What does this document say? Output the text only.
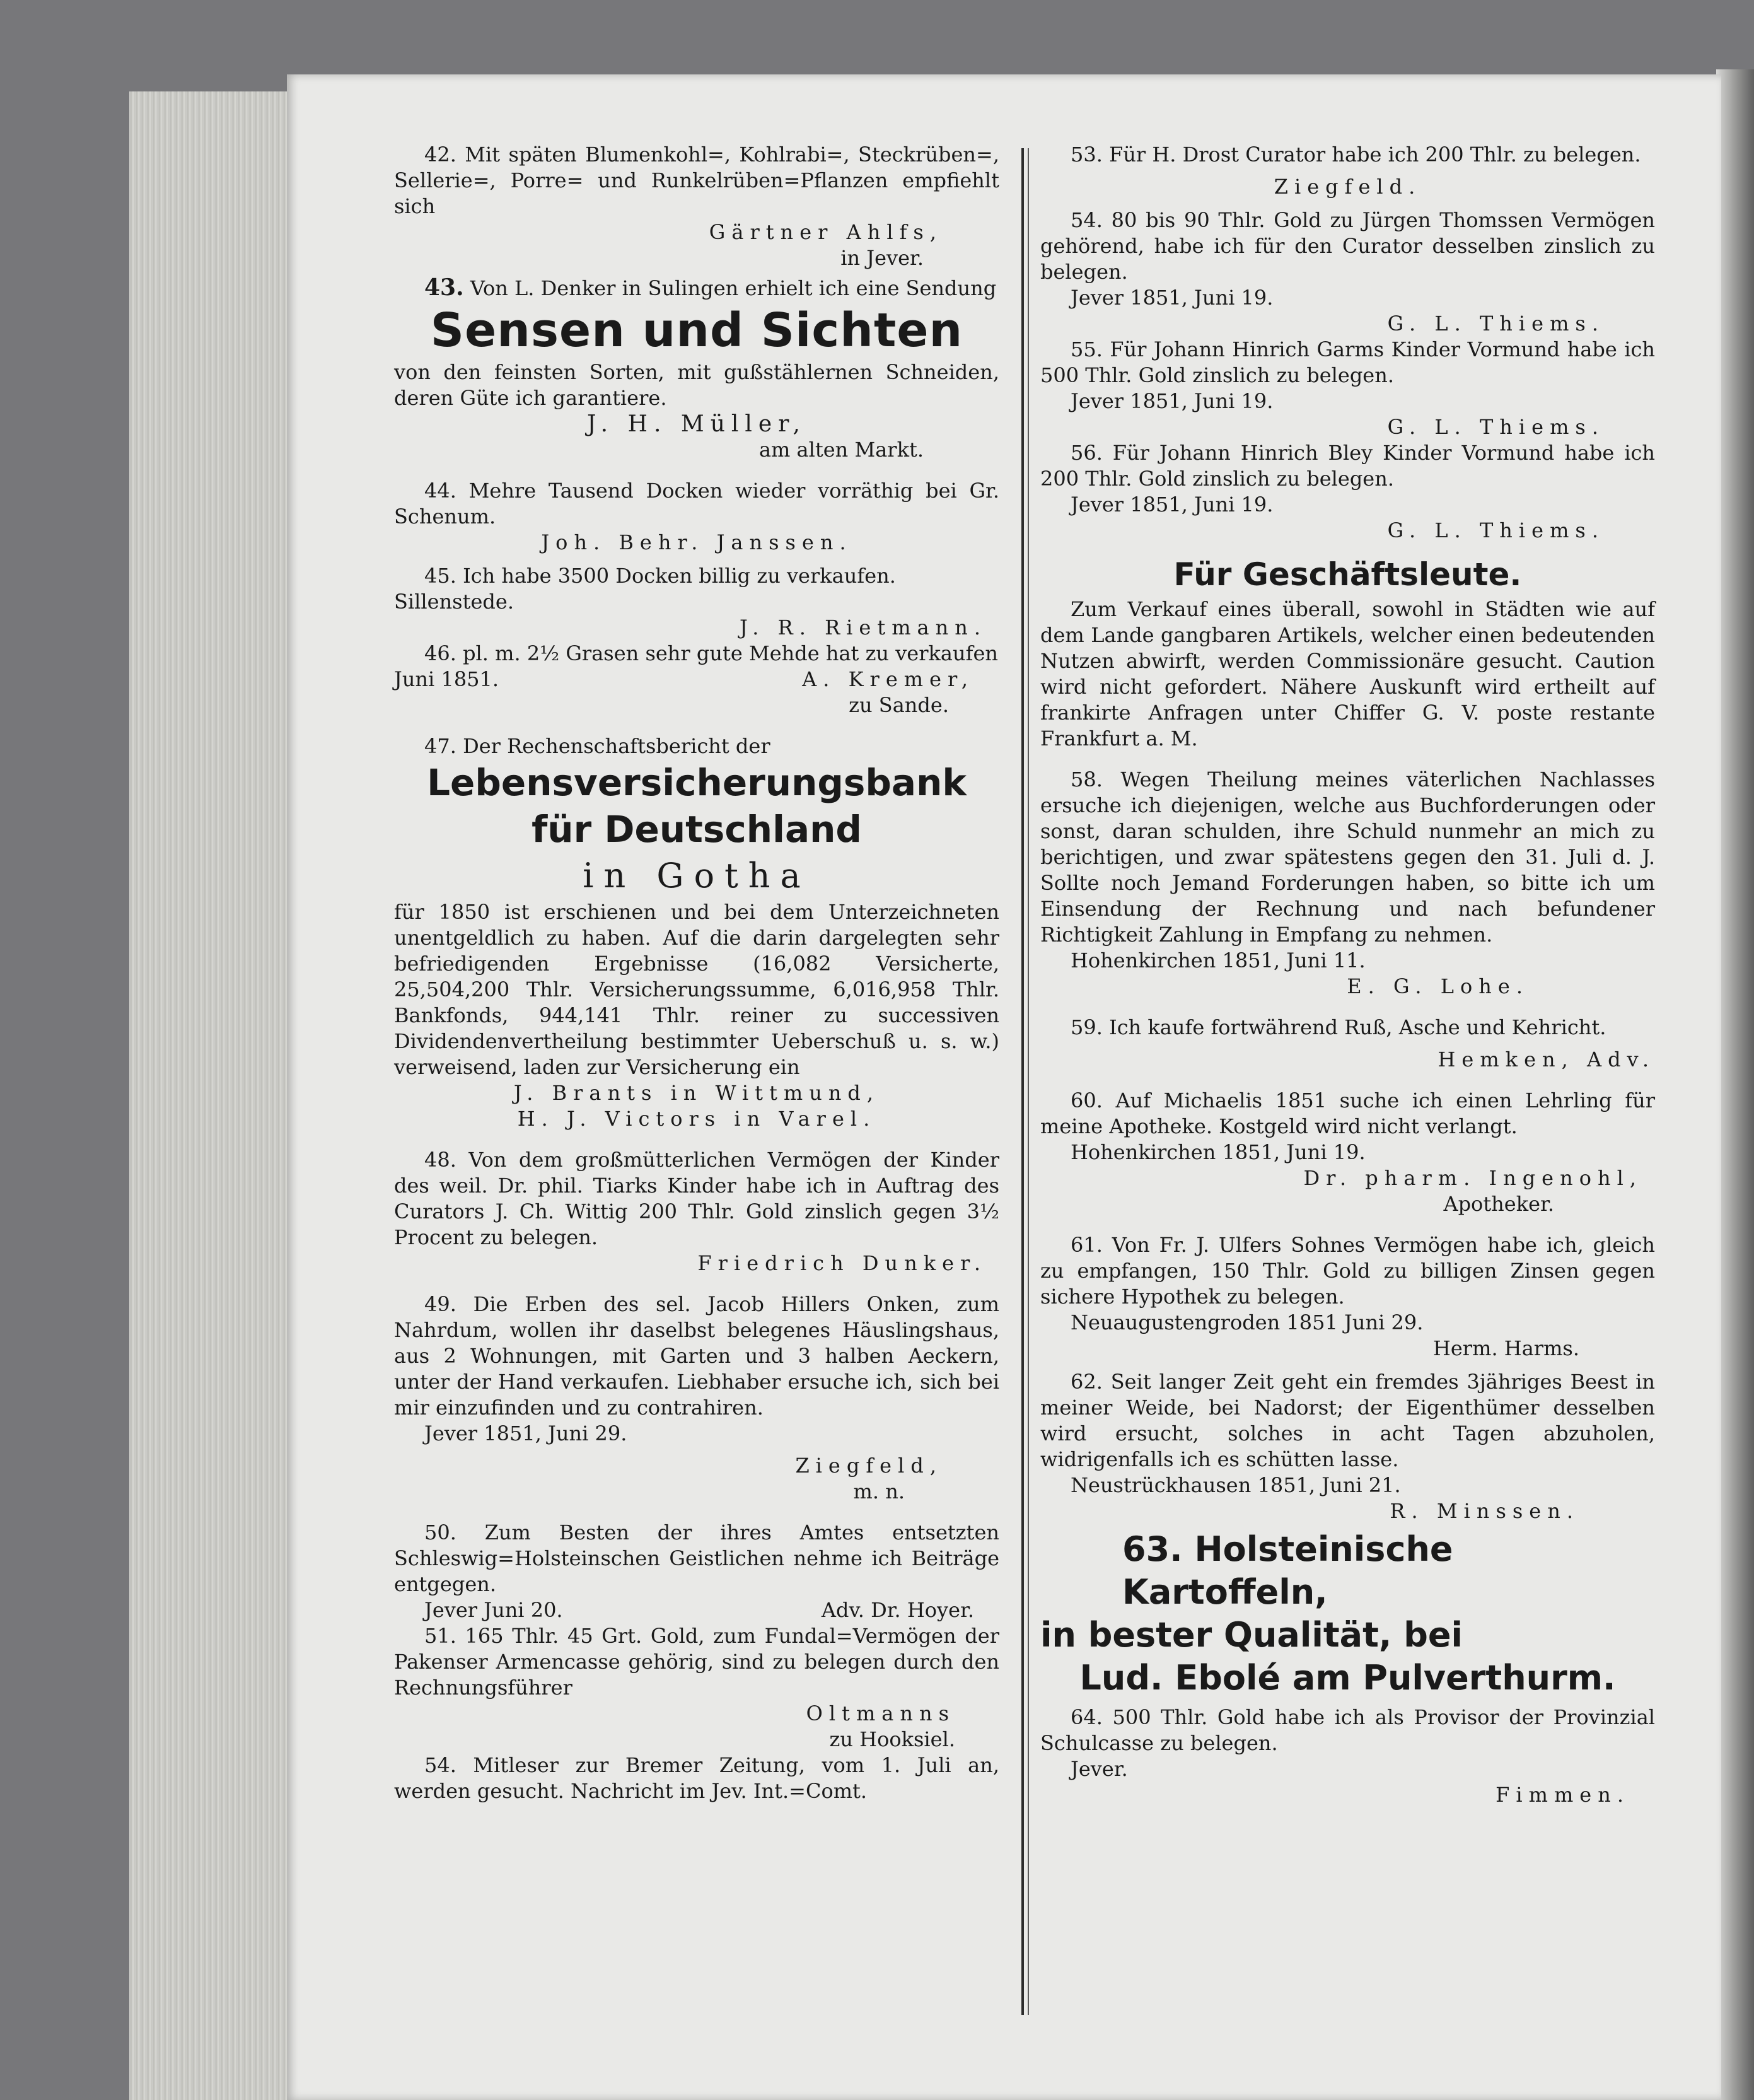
42. Mit späten Blumenkohl=, Kohlrabi=, Steckrüben=, Sellerie=, Porre= und Runkelrüben=Pflanzen empfiehlt sich

Gärtner Ahlfs,

in Jever.

43. Von L. Denker in Sulingen erhielt ich eine Sendung

Sensen und Sichten

von den feinsten Sorten, mit gußstählernen Schneiden, deren Güte ich garantiere.

J. H. Müller,

am alten Markt.

44. Mehre Tausend Docken wieder vorräthig bei Gr. Schenum.

Joh. Behr. Janssen.

45. Ich habe 3500 Docken billig zu verkaufen.

Sillenstede.

J. R. Rietmann.

46. pl. m. 2½ Grasen sehr gute Mehde hat zu verkaufen

Juni 1851.	A. Kremer,

zu Sande.

47. Der Rechenschaftsbericht der

Lebensversicherungsbank

für Deutschland

in Gotha

für 1850 ist erschienen und bei dem Unterzeichneten unentgeldlich zu haben. Auf die darin dargelegten sehr befriedigenden Ergebnisse (16,082 Versicherte, 25,504,200 Thlr. Versicherungssumme, 6,016,958 Thlr. Bankfonds, 944,141 Thlr. reiner zu successiven Dividendenvertheilung bestimmter Ueberschuß u. s. w.) verweisend, laden zur Versicherung ein

J. Brants in Wittmund,

H. J. Victors in Varel.

48. Von dem großmütterlichen Vermögen der Kinder des weil. Dr. phil. Tiarks Kinder habe ich in Auftrag des Curators J. Ch. Wittig 200 Thlr. Gold zinslich gegen 3½ Procent zu belegen.

Friedrich Dunker.

49. Die Erben des sel. Jacob Hillers Onken, zum Nahrdum, wollen ihr daselbst belegenes Häuslingshaus, aus 2 Wohnungen, mit Garten und 3 halben Aeckern, unter der Hand verkaufen. Liebhaber ersuche ich, sich bei mir einzufinden und zu contrahiren.

Jever 1851, Juni 29.

Ziegfeld,

m. n.

50. Zum Besten der ihres Amtes entsetzten Schleswig=Holsteinschen Geistlichen nehme ich Beiträge entgegen.

Jever Juni 20.	Adv. Dr. Hoyer.

51. 165 Thlr. 45 Grt. Gold, zum Fundal=Vermögen der Pakenser Armencasse gehörig, sind zu belegen durch den Rechnungsführer

Oltmanns

zu Hooksiel.

54. Mitleser zur Bremer Zeitung, vom 1. Juli an, werden gesucht. Nachricht im Jev. Int.=Comt.

53. Für H. Drost Curator habe ich 200 Thlr. zu belegen.

Ziegfeld.

54. 80 bis 90 Thlr. Gold zu Jürgen Thomssen Vermögen gehörend, habe ich für den Curator desselben zinslich zu belegen.

Jever 1851, Juni 19.

G. L. Thiems.

55. Für Johann Hinrich Garms Kinder Vormund habe ich 500 Thlr. Gold zinslich zu belegen.

Jever 1851, Juni 19.

G. L. Thiems.

56. Für Johann Hinrich Bley Kinder Vormund habe ich 200 Thlr. Gold zinslich zu belegen.

Jever 1851, Juni 19.

G. L. Thiems.

Für Geschäftsleute.

Zum Verkauf eines überall, sowohl in Städten wie auf dem Lande gangbaren Artikels, welcher einen bedeutenden Nutzen abwirft, werden Commissionäre gesucht. Caution wird nicht gefordert. Nähere Auskunft wird ertheilt auf frankirte Anfragen unter Chiffer G. V. poste restante Frankfurt a. M.

58. Wegen Theilung meines väterlichen Nachlasses ersuche ich diejenigen, welche aus Buchforderungen oder sonst, daran schulden, ihre Schuld nunmehr an mich zu berichtigen, und zwar spätestens gegen den 31. Juli d. J. Sollte noch Jemand Forderungen haben, so bitte ich um Einsendung der Rechnung und nach befundener Richtigkeit Zahlung in Empfang zu nehmen.

Hohenkirchen 1851, Juni 11.

E. G. Lohe.

59. Ich kaufe fortwährend Ruß, Asche und Kehricht.

Hemken, Adv.

60. Auf Michaelis 1851 suche ich einen Lehrling für meine Apotheke. Kostgeld wird nicht verlangt.

Hohenkirchen 1851, Juni 19.

Dr. pharm. Ingenohl,

Apotheker.

61. Von Fr. J. Ulfers Sohnes Vermögen habe ich, gleich zu empfangen, 150 Thlr. Gold zu billigen Zinsen gegen sichere Hypothek zu belegen.

Neuaugustengroden 1851 Juni 29.

Herm. Harms.

62. Seit langer Zeit geht ein fremdes 3jähriges Beest in meiner Weide, bei Nadorst; der Eigenthümer desselben wird ersucht, solches in acht Tagen abzuholen, widrigenfalls ich es schütten lasse.

Neustrückhausen 1851, Juni 21.

R. Minssen.

63. Holsteinische Kartoffeln,

in bester Qualität, bei

Lud. Ebolé am Pulverthurm.

64. 500 Thlr. Gold habe ich als Provisor der Provinzial Schulcasse zu belegen.

Jever.

Fimmen.
